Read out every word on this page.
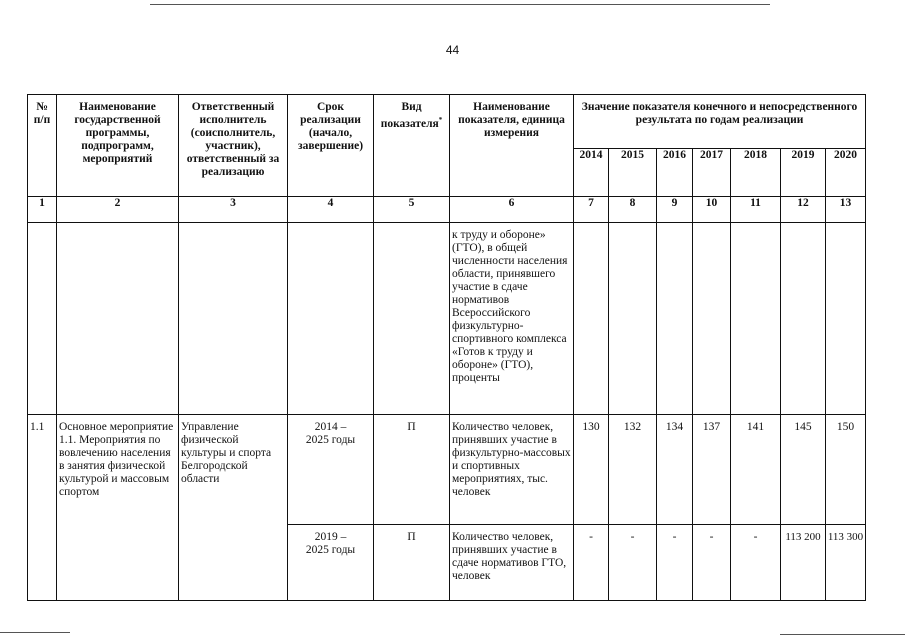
44
№ п/п	Наименование государственной программы, подпрограмм, мероприятий	Ответственный исполнитель (соисполнитель, участник), ответственный за реализацию	Срок реализации (начало, завершение)	Вид показателя*	Наименование показателя, единица измерения	Значение показателя конечного и непосредственного результата по годам реализации						
						2014	2015	2016	2017	2018	2019	2020
1	2	3	4	5	6	7	8	9	10	11	12	13
					к труду и обороне» (ГТО), в общей численности населения области, принявшего участие в сдаче нормативов Всероссийского физкультурно-спортивного комплекса «Готов к труду и обороне» (ГТО), проценты							
1.1	Основное мероприятие 1.1. Мероприятия по вовлечению населения в занятия физической культурой и массовым спортом	Управление физической культуры и спорта Белгородской области	2014 – 2025 годы	П	Количество человек, принявших участие в физкультурно-массовых и спортивных мероприятиях, тыс. человек	130	132	134	137	141	145	150
			2019 – 2025 годы	П	Количество человек, принявших участие в сдаче нормативов ГТО, человек	-	-	-	-	-	113 200	113 300
